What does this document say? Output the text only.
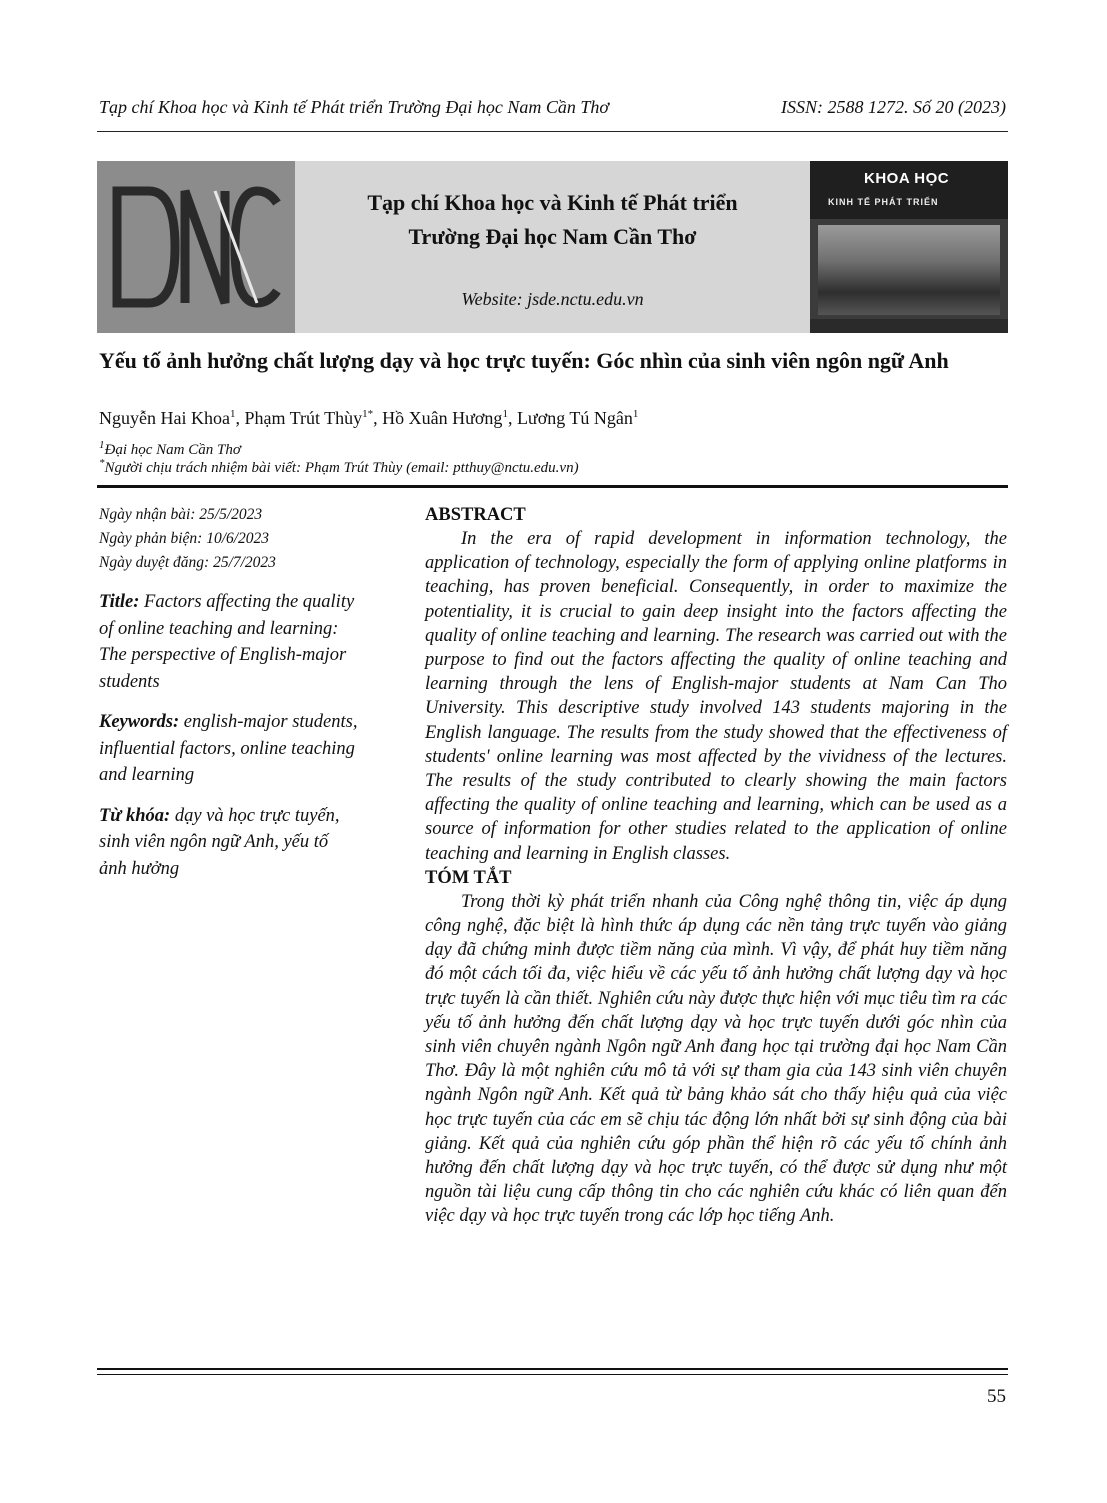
Tạp chí Khoa học và Kinh tế Phát triển Trường Đại học Nam Cần Thơ	ISSN: 2588 1272. Số 20 (2023)
Tạp chí Khoa học và Kinh tế Phát triển
Trường Đại học Nam Cần Thơ
Website: jsde.nctu.edu.vn
KHOA HỌC
KINH TẾ PHÁT TRIỂN
Yếu tố ảnh hưởng chất lượng dạy và học trực tuyến: Góc nhìn của sinh viên ngôn ngữ Anh
Nguyễn Hai Khoa$^1$, Phạm Trút Thùy$^{1*}$, Hồ Xuân Hương$^1$, Lương Tú Ngân$^1$
$^1$Đại học Nam Cần Thơ
*Người chịu trách nhiệm bài viết: Phạm Trút Thùy (email: ptthuy@nctu.edu.vn)
Ngày nhận bài: 25/5/2023
Ngày phản biện: 10/6/2023
Ngày duyệt đăng: 25/7/2023
Title: Factors affecting the quality of online teaching and learning: The perspective of English-major students
Keywords: english-major students, influential factors, online teaching and learning
Từ khóa: dạy và học trực tuyến, sinh viên ngôn ngữ Anh, yếu tố ảnh hưởng
ABSTRACT
In the era of rapid development in information technology, the application of technology, especially the form of applying online platforms in teaching, has proven beneficial. Consequently, in order to maximize the potentiality, it is crucial to gain deep insight into the factors affecting the quality of online teaching and learning. The research was carried out with the purpose to find out the factors affecting the quality of online teaching and learning through the lens of English-major students at Nam Can Tho University. This descriptive study involved 143 students majoring in the English language. The results from the study showed that the effectiveness of students' online learning was most affected by the vividness of the lectures. The results of the study contributed to clearly showing the main factors affecting the quality of online teaching and learning, which can be used as a source of information for other studies related to the application of online teaching and learning in English classes.
TÓM TẮT
Trong thời kỳ phát triển nhanh của Công nghệ thông tin, việc áp dụng công nghệ, đặc biệt là hình thức áp dụng các nền tảng trực tuyến vào giảng dạy đã chứng minh được tiềm năng của mình. Vì vậy, để phát huy tiềm năng đó một cách tối đa, việc hiểu về các yếu tố ảnh hưởng chất lượng dạy và học trực tuyến là cần thiết. Nghiên cứu này được thực hiện với mục tiêu tìm ra các yếu tố ảnh hưởng đến chất lượng dạy và học trực tuyến dưới góc nhìn của sinh viên chuyên ngành Ngôn ngữ Anh đang học tại trường đại học Nam Cần Thơ. Đây là một nghiên cứu mô tả với sự tham gia của 143 sinh viên chuyên ngành Ngôn ngữ Anh. Kết quả từ bảng khảo sát cho thấy hiệu quả của việc học trực tuyến của các em sẽ chịu tác động lớn nhất bởi sự sinh động của bài giảng. Kết quả của nghiên cứu góp phần thể hiện rõ các yếu tố chính ảnh hưởng đến chất lượng dạy và học trực tuyến, có thể được sử dụng như một nguồn tài liệu cung cấp thông tin cho các nghiên cứu khác có liên quan đến việc dạy và học trực tuyến trong các lớp học tiếng Anh.
55
